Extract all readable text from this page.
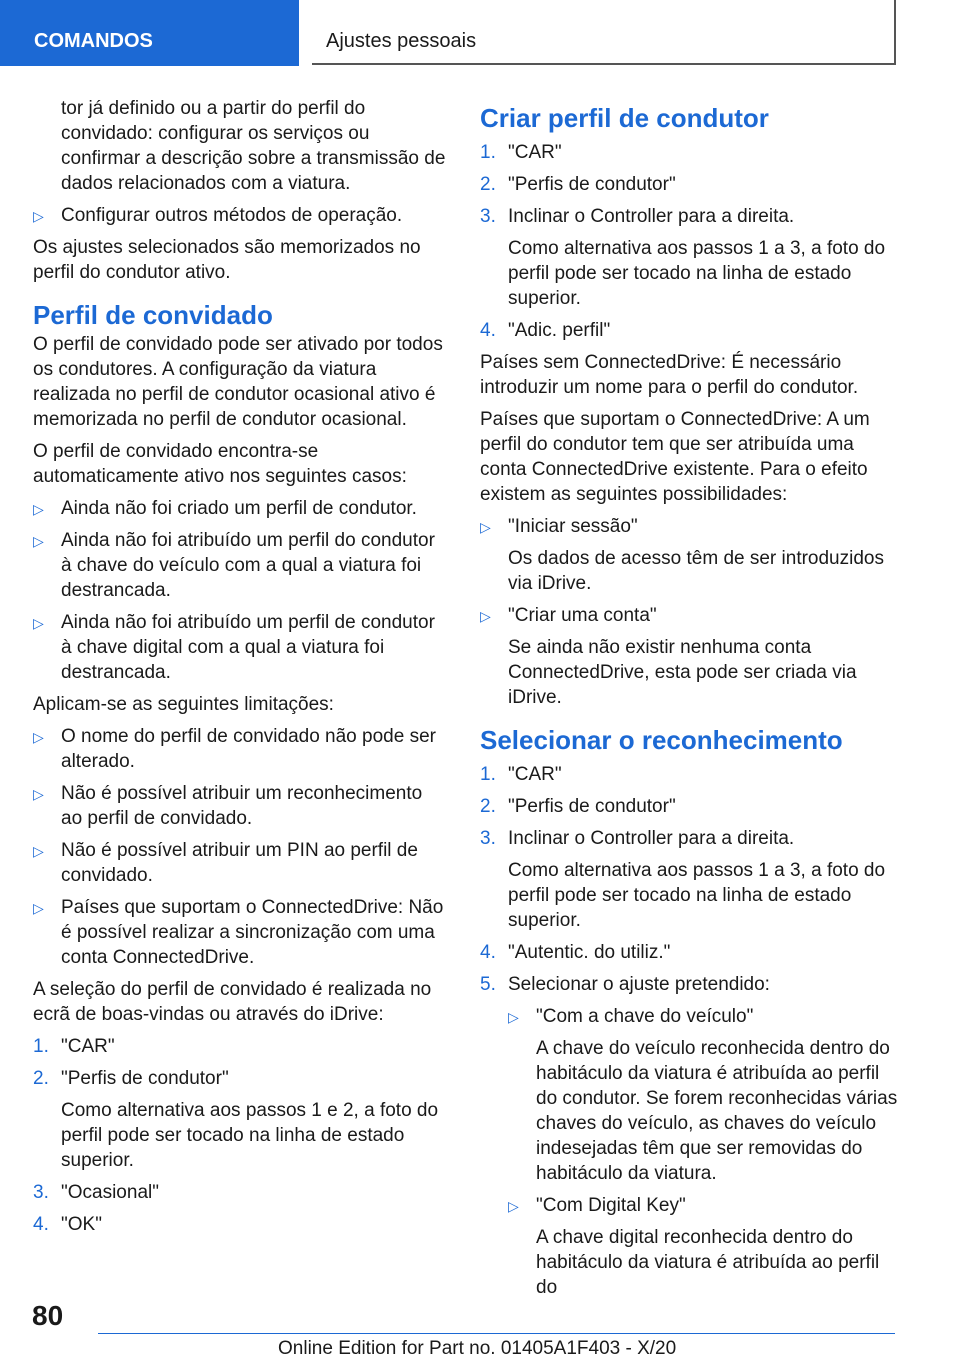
COMANDOS	Ajustes pessoais
tor já definido ou a partir do perfil do convidado: configurar os serviços ou confirmar a descrição sobre a transmissão de dados relacionados com a viatura.
▷ Configurar outros métodos de operação.

Os ajustes selecionados são memorizados no perfil do condutor ativo.

Perfil de convidado

O perfil de convidado pode ser ativado por todos os condutores. A configuração da viatura realizada no perfil de condutor ocasional ativo é memorizada no perfil de condutor ocasional.

O perfil de convidado encontra-se automaticamente ativo nos seguintes casos:

▷ Ainda não foi criado um perfil de condutor.
▷ Ainda não foi atribuído um perfil do condutor à chave do veículo com a qual a viatura foi destrancada.
▷ Ainda não foi atribuído um perfil de condutor à chave digital com a qual a viatura foi destrancada.

Aplicam-se as seguintes limitações:

▷ O nome do perfil de convidado não pode ser alterado.
▷ Não é possível atribuir um reconhecimento ao perfil de convidado.
▷ Não é possível atribuir um PIN ao perfil de convidado.
▷ Países que suportam o ConnectedDrive: Não é possível realizar a sincronização com uma conta ConnectedDrive.

A seleção do perfil de convidado é realizada no ecrã de boas-vindas ou através do iDrive:

1. "CAR"
2. "Perfis de condutor"

Como alternativa aos passos 1 e 2, a foto do perfil pode ser tocado na linha de estado superior.

3. "Ocasional"
4. "OK"
Criar perfil de condutor
1. "CAR"
2. "Perfis de condutor"
3. Inclinar o Controller para a direita.

Como alternativa aos passos 1 a 3, a foto do perfil pode ser tocado na linha de estado superior.

4. "Adic. perfil"

Países sem ConnectedDrive: É necessário introduzir um nome para o perfil do condutor.

Países que suportam o ConnectedDrive: A um perfil do condutor tem que ser atribuída uma conta ConnectedDrive existente. Para o efeito existem as seguintes possibilidades:

▷ "Iniciar sessão"

Os dados de acesso têm de ser introduzidos via iDrive.

▷ "Criar uma conta"

Se ainda não existir nenhuma conta ConnectedDrive, esta pode ser criada via iDrive.

Selecionar o reconhecimento
1. "CAR"
2. "Perfis de condutor"
3. Inclinar o Controller para a direita.

Como alternativa aos passos 1 a 3, a foto do perfil pode ser tocado na linha de estado superior.

4. "Autentic. do utiliz."
5. Selecionar o ajuste pretendido:
▷ "Com a chave do veículo"

A chave do veículo reconhecida dentro do habitáculo da viatura é atribuída ao perfil do condutor. Se forem reconhecidas várias chaves do veículo, as chaves do veículo indesejadas têm que ser removidas do habitáculo da viatura.

▷ "Com Digital Key"

A chave digital reconhecida dentro do habitáculo da viatura é atribuída ao perfil do

80
Online Edition for Part no. 01405A1F403 - X/20
